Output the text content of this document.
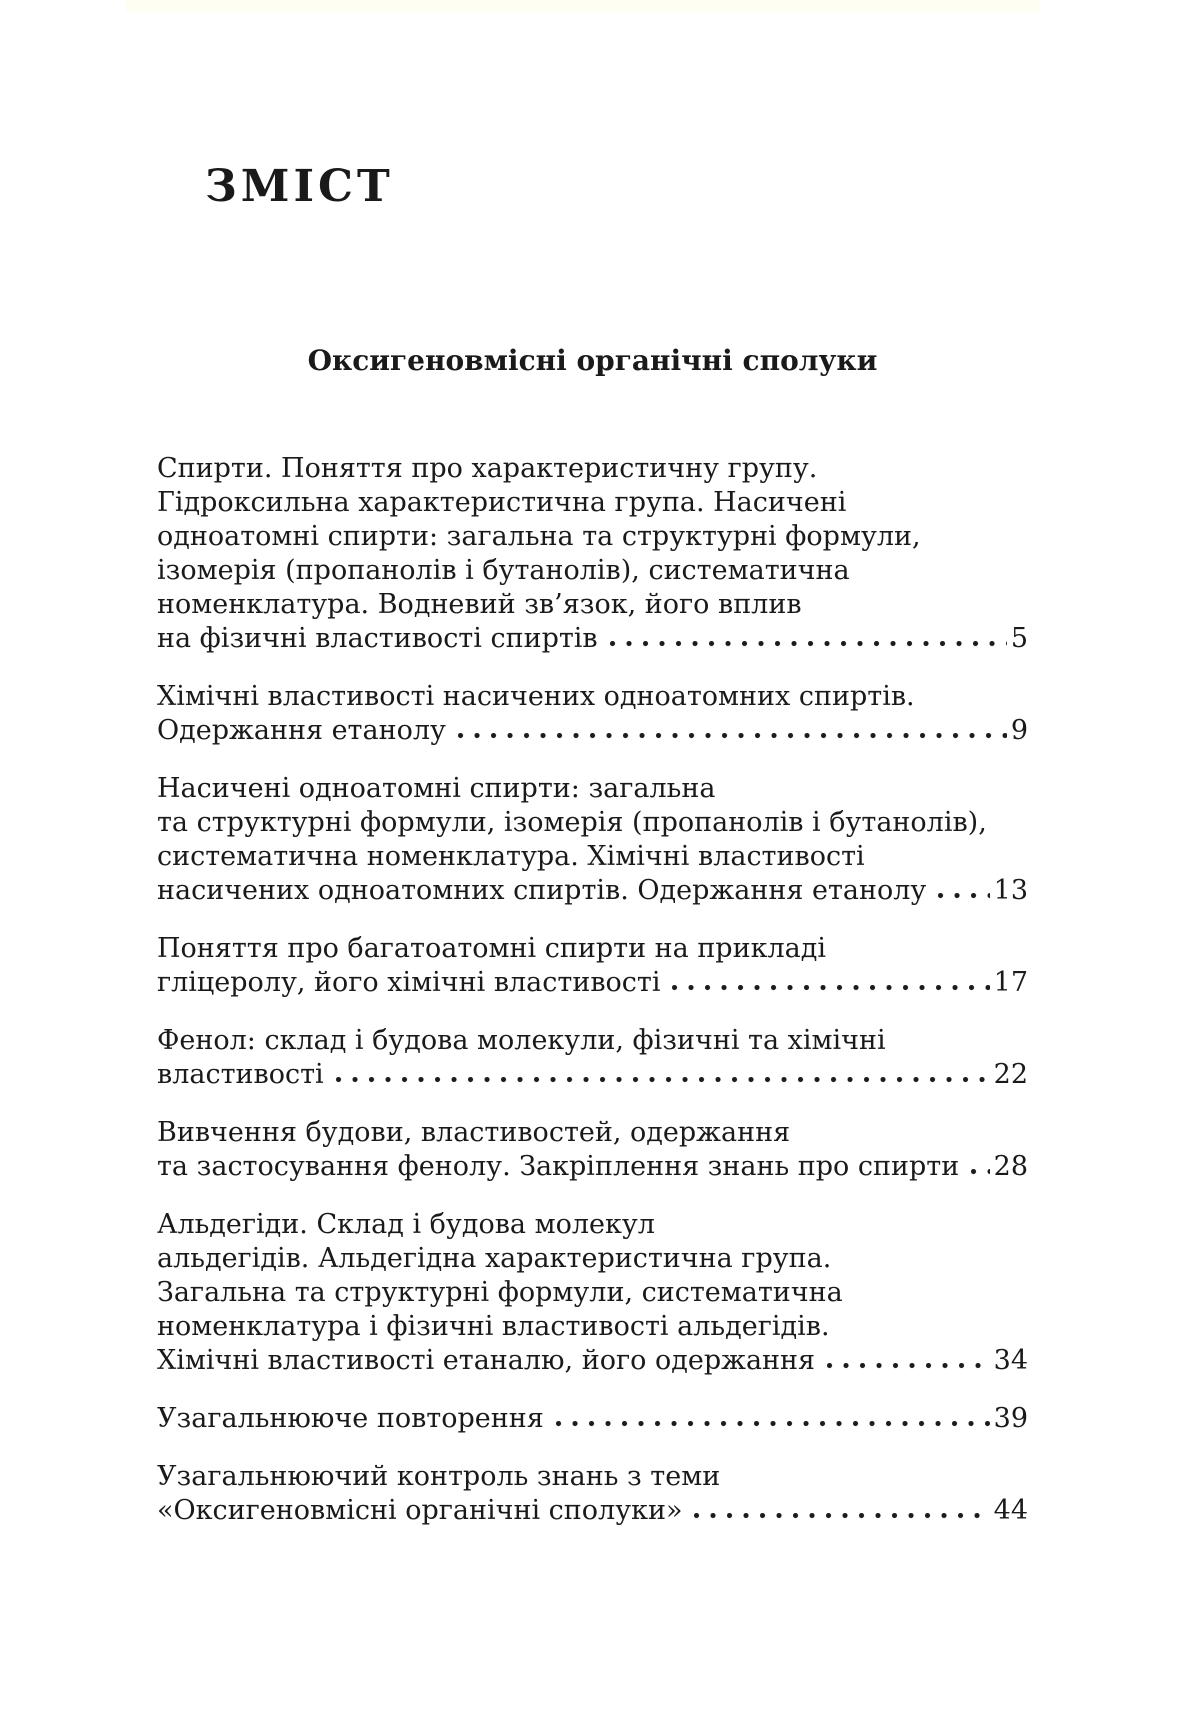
ЗМІСТ
Оксигеновмісні органічні сполуки
Спирти. Поняття про характеристичну групу.
Гідроксильна характеристична група. Насичені
одноатомні спирти: загальна та структурні формули,
ізомерія (пропанолів і бутанолів), систематична
номенклатура. Водневий зв’язок, його вплив
на фізичні властивості спиртів	5
Хімічні властивості насичених одноатомних спиртів.
Одержання етанолу	9
Насичені одноатомні спирти: загальна
та структурні формули, ізомерія (пропанолів і бутанолів),
систематична номенклатура. Хімічні властивості
насичених одноатомних спиртів. Одержання етанолу 13
Поняття про багатоатомні спирти на прикладі
гліцеролу, його хімічні властивості	17
Фенол: склад і будова молекули, фізичні та хімічні
властивості	22
Вивчення будови, властивостей, одержання
та застосування фенолу. Закріплення знань про спирти 28
Альдегіди. Склад і будова молекул
альдегідів. Альдегідна характеристична група.
Загальна та структурні формули, систематична
номенклатура і фізичні властивості альдегідів.
Хімічні властивості етаналю, його одержання	34
Узагальнююче повторення	39
Узагальнюючий контроль знань з теми
«Оксигеновмісні органічні сполуки»	44
